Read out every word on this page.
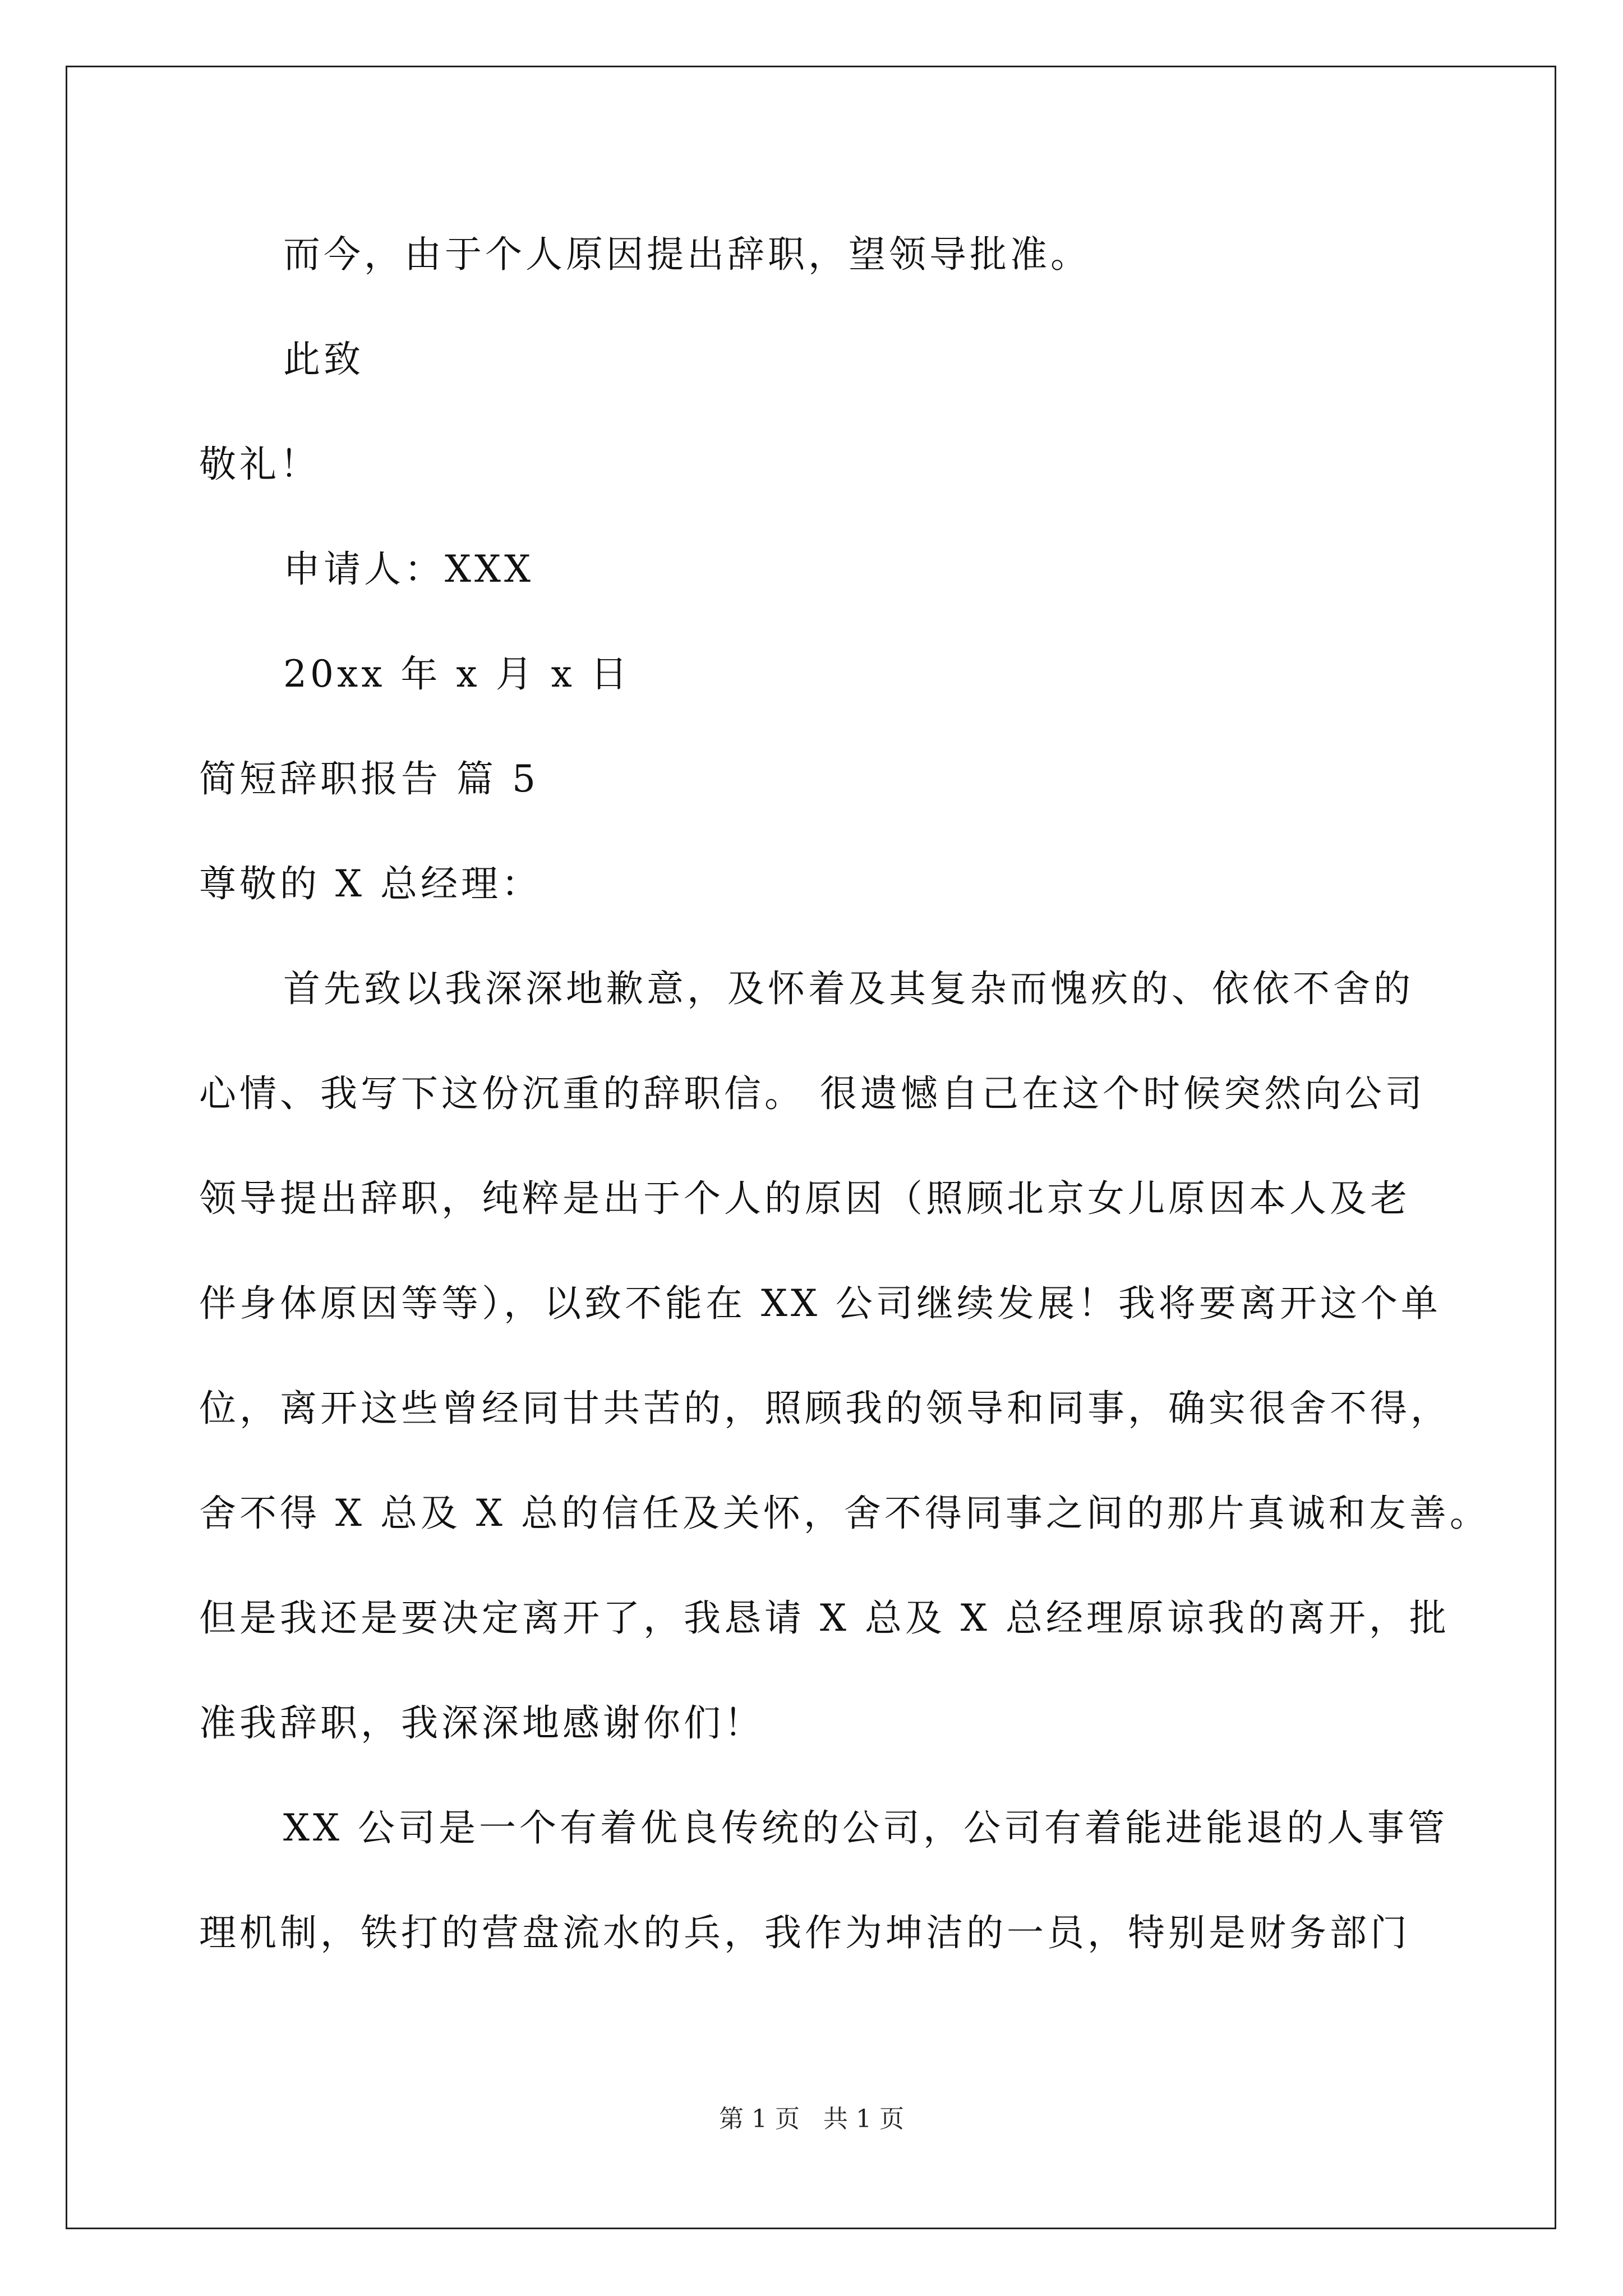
而今，由于个人原因提出辞职，望领导批准。
此致
敬礼！
申请人：XXX
20xx 年 x 月 x 日
简短辞职报告 篇 5
尊敬的 X 总经理：
首先致以我深深地歉意，及怀着及其复杂而愧疚的、依依不舍的
心情、我写下这份沉重的辞职信。 很遗憾自己在这个时候突然向公司
领导提出辞职，纯粹是出于个人的原因（照顾北京女儿原因本人及老
伴身体原因等等），以致不能在 XX 公司继续发展！我将要离开这个单
位，离开这些曾经同甘共苦的，照顾我的领导和同事，确实很舍不得，
舍不得 X 总及 X 总的信任及关怀，舍不得同事之间的那片真诚和友善。
但是我还是要决定离开了，我恳请 X 总及 X 总经理原谅我的离开，批
准我辞职，我深深地感谢你们！
XX 公司是一个有着优良传统的公司，公司有着能进能退的人事管
理机制，铁打的营盘流水的兵，我作为坤洁的一员，特别是财务部门
第 1 页   共 1 页
